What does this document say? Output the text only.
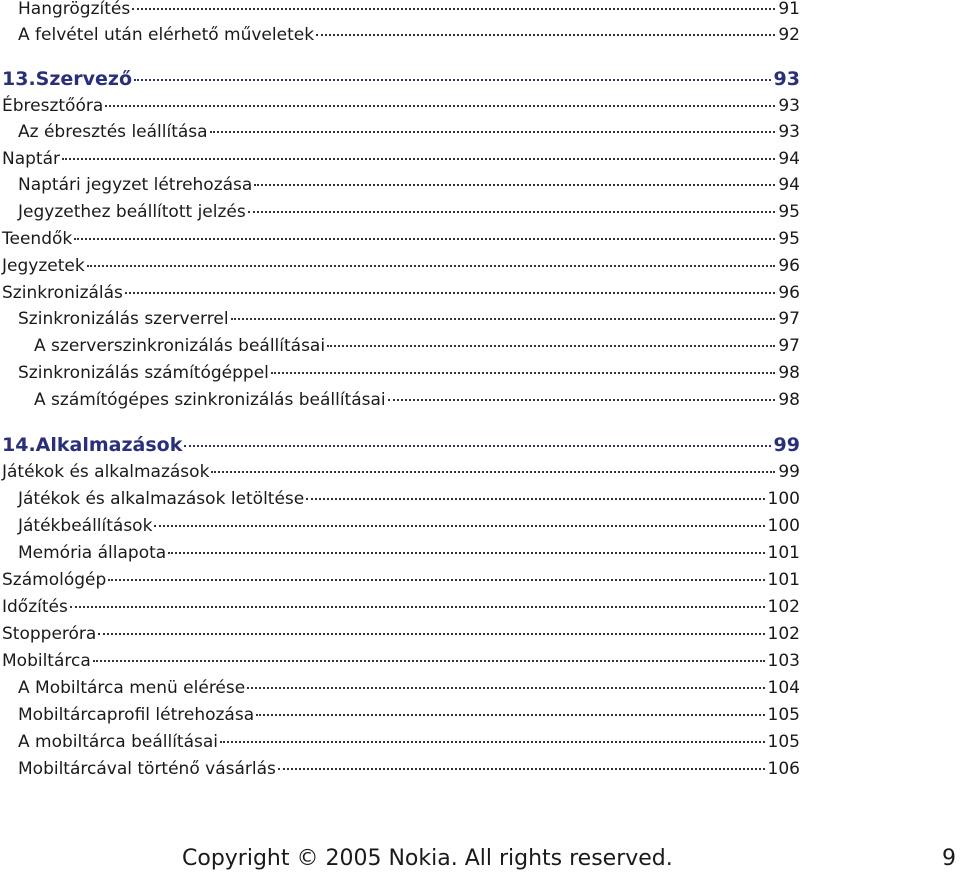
Hangrögzítés	91
A felvétel után elérhető műveletek	92
13.Szervező	93
Ébresztőóra	93
Az ébresztés leállítása	93
Naptár	94
Naptári jegyzet létrehozása	94
Jegyzethez beállított jelzés	95
Teendők	95
Jegyzetek	96
Szinkronizálás	96
Szinkronizálás szerverrel	97
A szerverszinkronizálás beállításai	97
Szinkronizálás számítógéppel	98
A számítógépes szinkronizálás beállításai	98
14.Alkalmazások	99
Játékok és alkalmazások	99
Játékok és alkalmazások letöltése	100
Játékbeállítások	100
Memória állapota	101
Számológép	101
Időzítés	102
Stopperóra	102
Mobiltárca	103
A Mobiltárca menü elérése	104
Mobiltárcaprofil létrehozása	105
A mobiltárca beállításai	105
Mobiltárcával történő vásárlás	106
Copyright © 2005 Nokia. All rights reserved.	9
